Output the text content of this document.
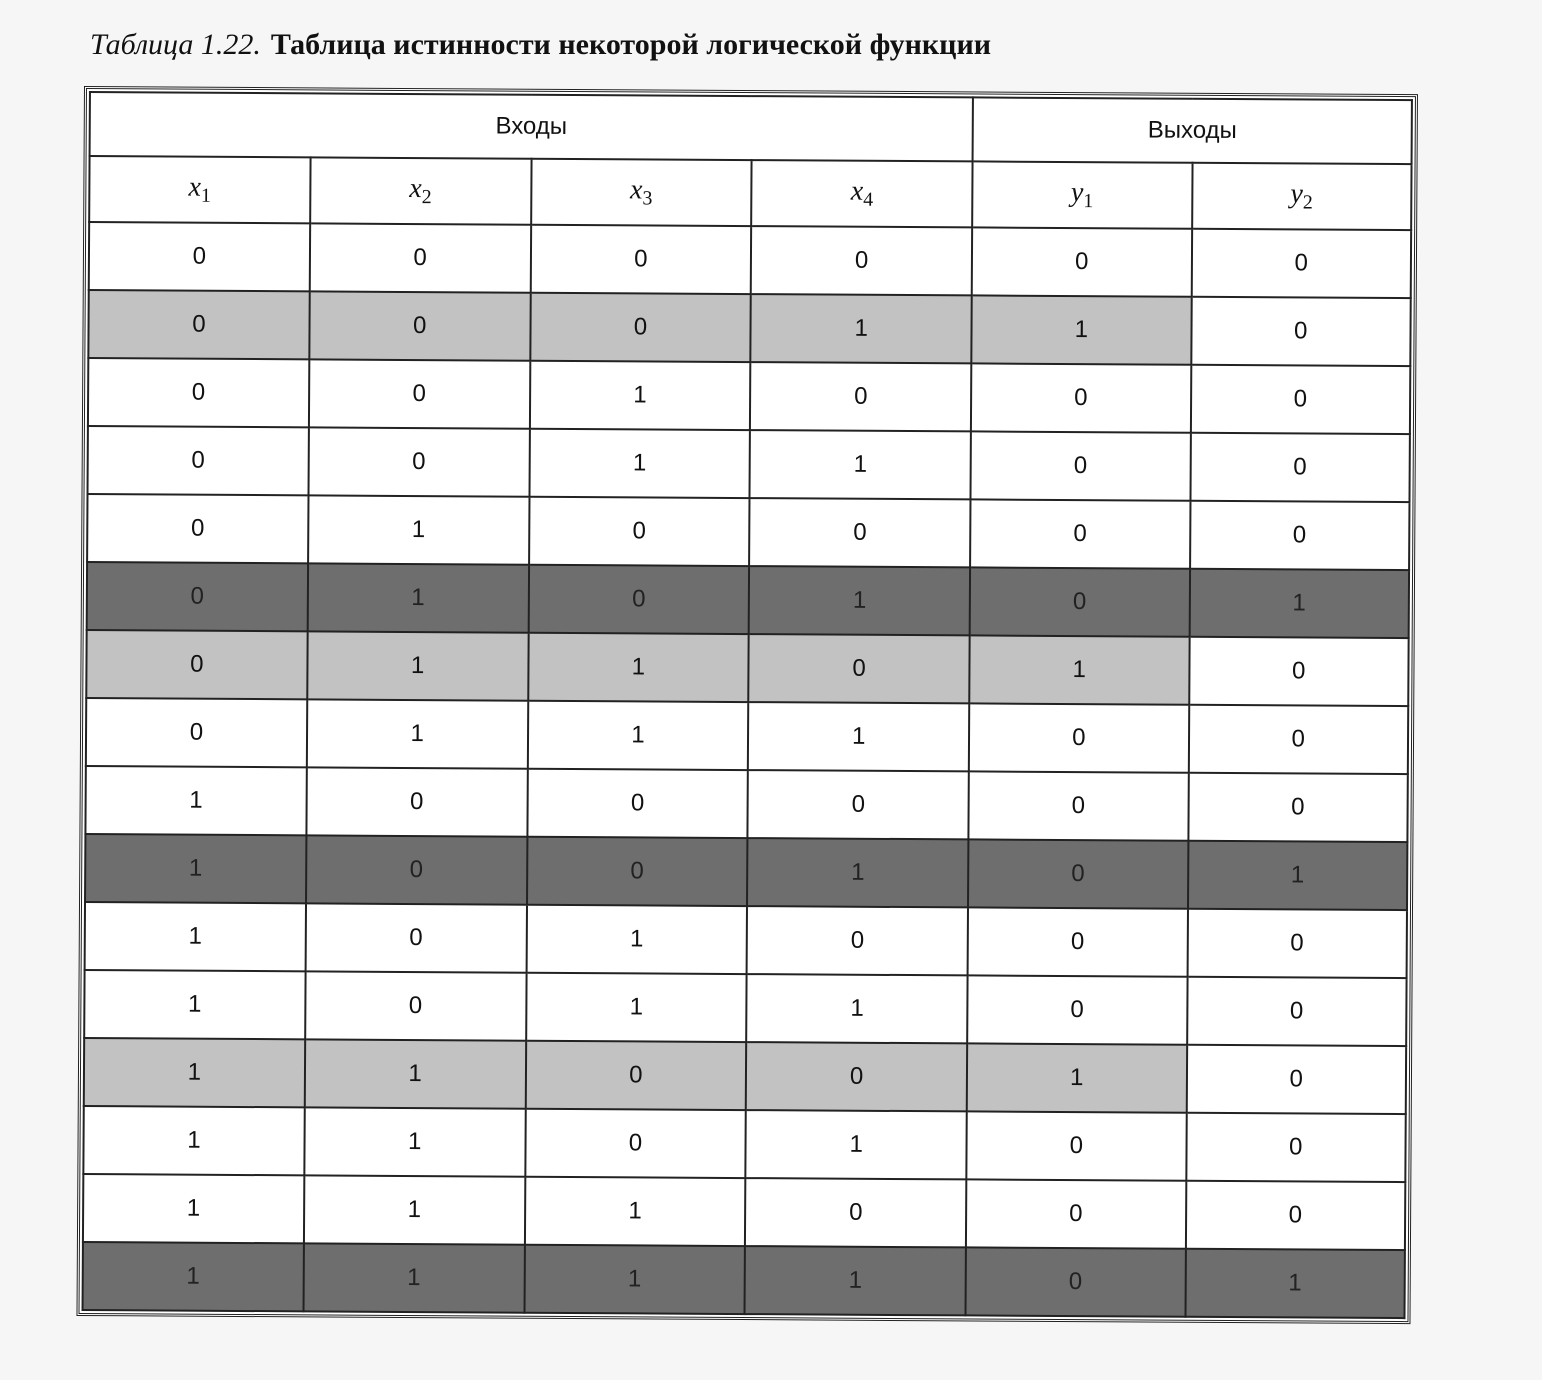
Таблица 1.22. Таблица истинности некоторой логической функции
Входы				Выходы	
$x_1$	$x_2$	$x_3$	$x_4$	$y_1$	$y_2$
0	0	0	0	0	0
0	0	0	1	1	0
0	0	1	0	0	0
0	0	1	1	0	0
0	1	0	0	0	0
0	1	0	1	0	1
0	1	1	0	1	0
0	1	1	1	0	0
1	0	0	0	0	0
1	0	0	1	0	1
1	0	1	0	0	0
1	0	1	1	0	0
1	1	0	0	1	0
1	1	0	1	0	0
1	1	1	0	0	0
1	1	1	1	0	1
